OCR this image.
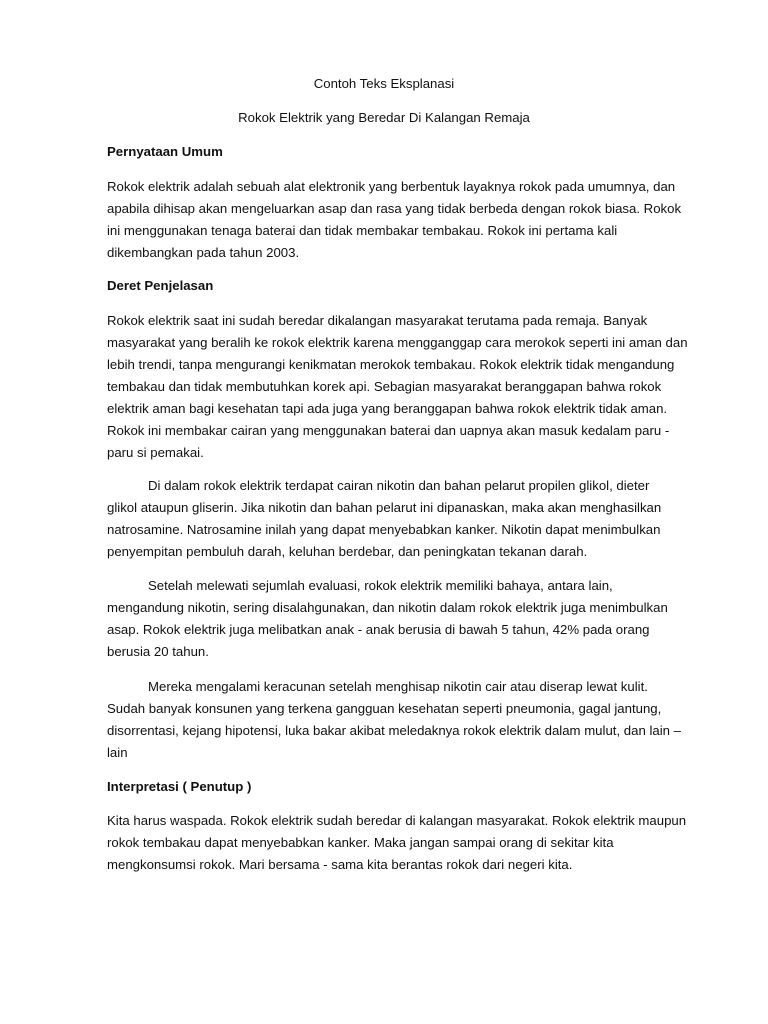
Contoh Teks Eksplanasi
Rokok Elektrik yang Beredar Di Kalangan Remaja
Pernyataan Umum

Rokok elektrik adalah sebuah alat elektronik yang berbentuk layaknya rokok pada umumnya, dan
apabila dihisap akan mengeluarkan asap dan rasa yang tidak berbeda dengan rokok biasa. Rokok
ini menggunakan tenaga baterai dan tidak membakar tembakau. Rokok ini pertama kali
dikembangkan pada tahun 2003.

Deret Penjelasan

Rokok elektrik saat ini sudah beredar dikalangan masyarakat terutama pada remaja. Banyak
masyarakat yang beralih ke rokok elektrik karena mengganggap cara merokok seperti ini aman dan
lebih trendi, tanpa mengurangi kenikmatan merokok tembakau. Rokok elektrik tidak mengandung
tembakau dan tidak membutuhkan korek api. Sebagian masyarakat beranggapan bahwa rokok
elektrik aman bagi kesehatan tapi ada juga yang beranggapan bahwa rokok elektrik tidak aman.
Rokok ini membakar cairan yang menggunakan baterai dan uapnya akan masuk kedalam paru -
paru si pemakai.

Di dalam rokok elektrik terdapat cairan nikotin dan bahan pelarut propilen glikol, dieter
glikol ataupun gliserin. Jika nikotin dan bahan pelarut ini dipanaskan, maka akan menghasilkan
natrosamine. Natrosamine inilah yang dapat menyebabkan kanker. Nikotin dapat menimbulkan
penyempitan pembuluh darah, keluhan berdebar, dan peningkatan tekanan darah.

Setelah melewati sejumlah evaluasi, rokok elektrik memiliki bahaya, antara lain,
mengandung nikotin, sering disalahgunakan, dan nikotin dalam rokok elektrik juga menimbulkan
asap. Rokok elektrik juga melibatkan anak - anak berusia di bawah 5 tahun, 42% pada orang
berusia 20 tahun.

Mereka mengalami keracunan setelah menghisap nikotin cair atau diserap lewat kulit.
Sudah banyak konsunen yang terkena gangguan kesehatan seperti pneumonia, gagal jantung,
disorrentasi, kejang hipotensi, luka bakar akibat meledaknya rokok elektrik dalam mulut, dan lain –
lain

Interpretasi ( Penutup )

Kita harus waspada. Rokok elektrik sudah beredar di kalangan masyarakat. Rokok elektrik maupun
rokok tembakau dapat menyebabkan kanker. Maka jangan sampai orang di sekitar kita
mengkonsumsi rokok. Mari bersama - sama kita berantas rokok dari negeri kita.
